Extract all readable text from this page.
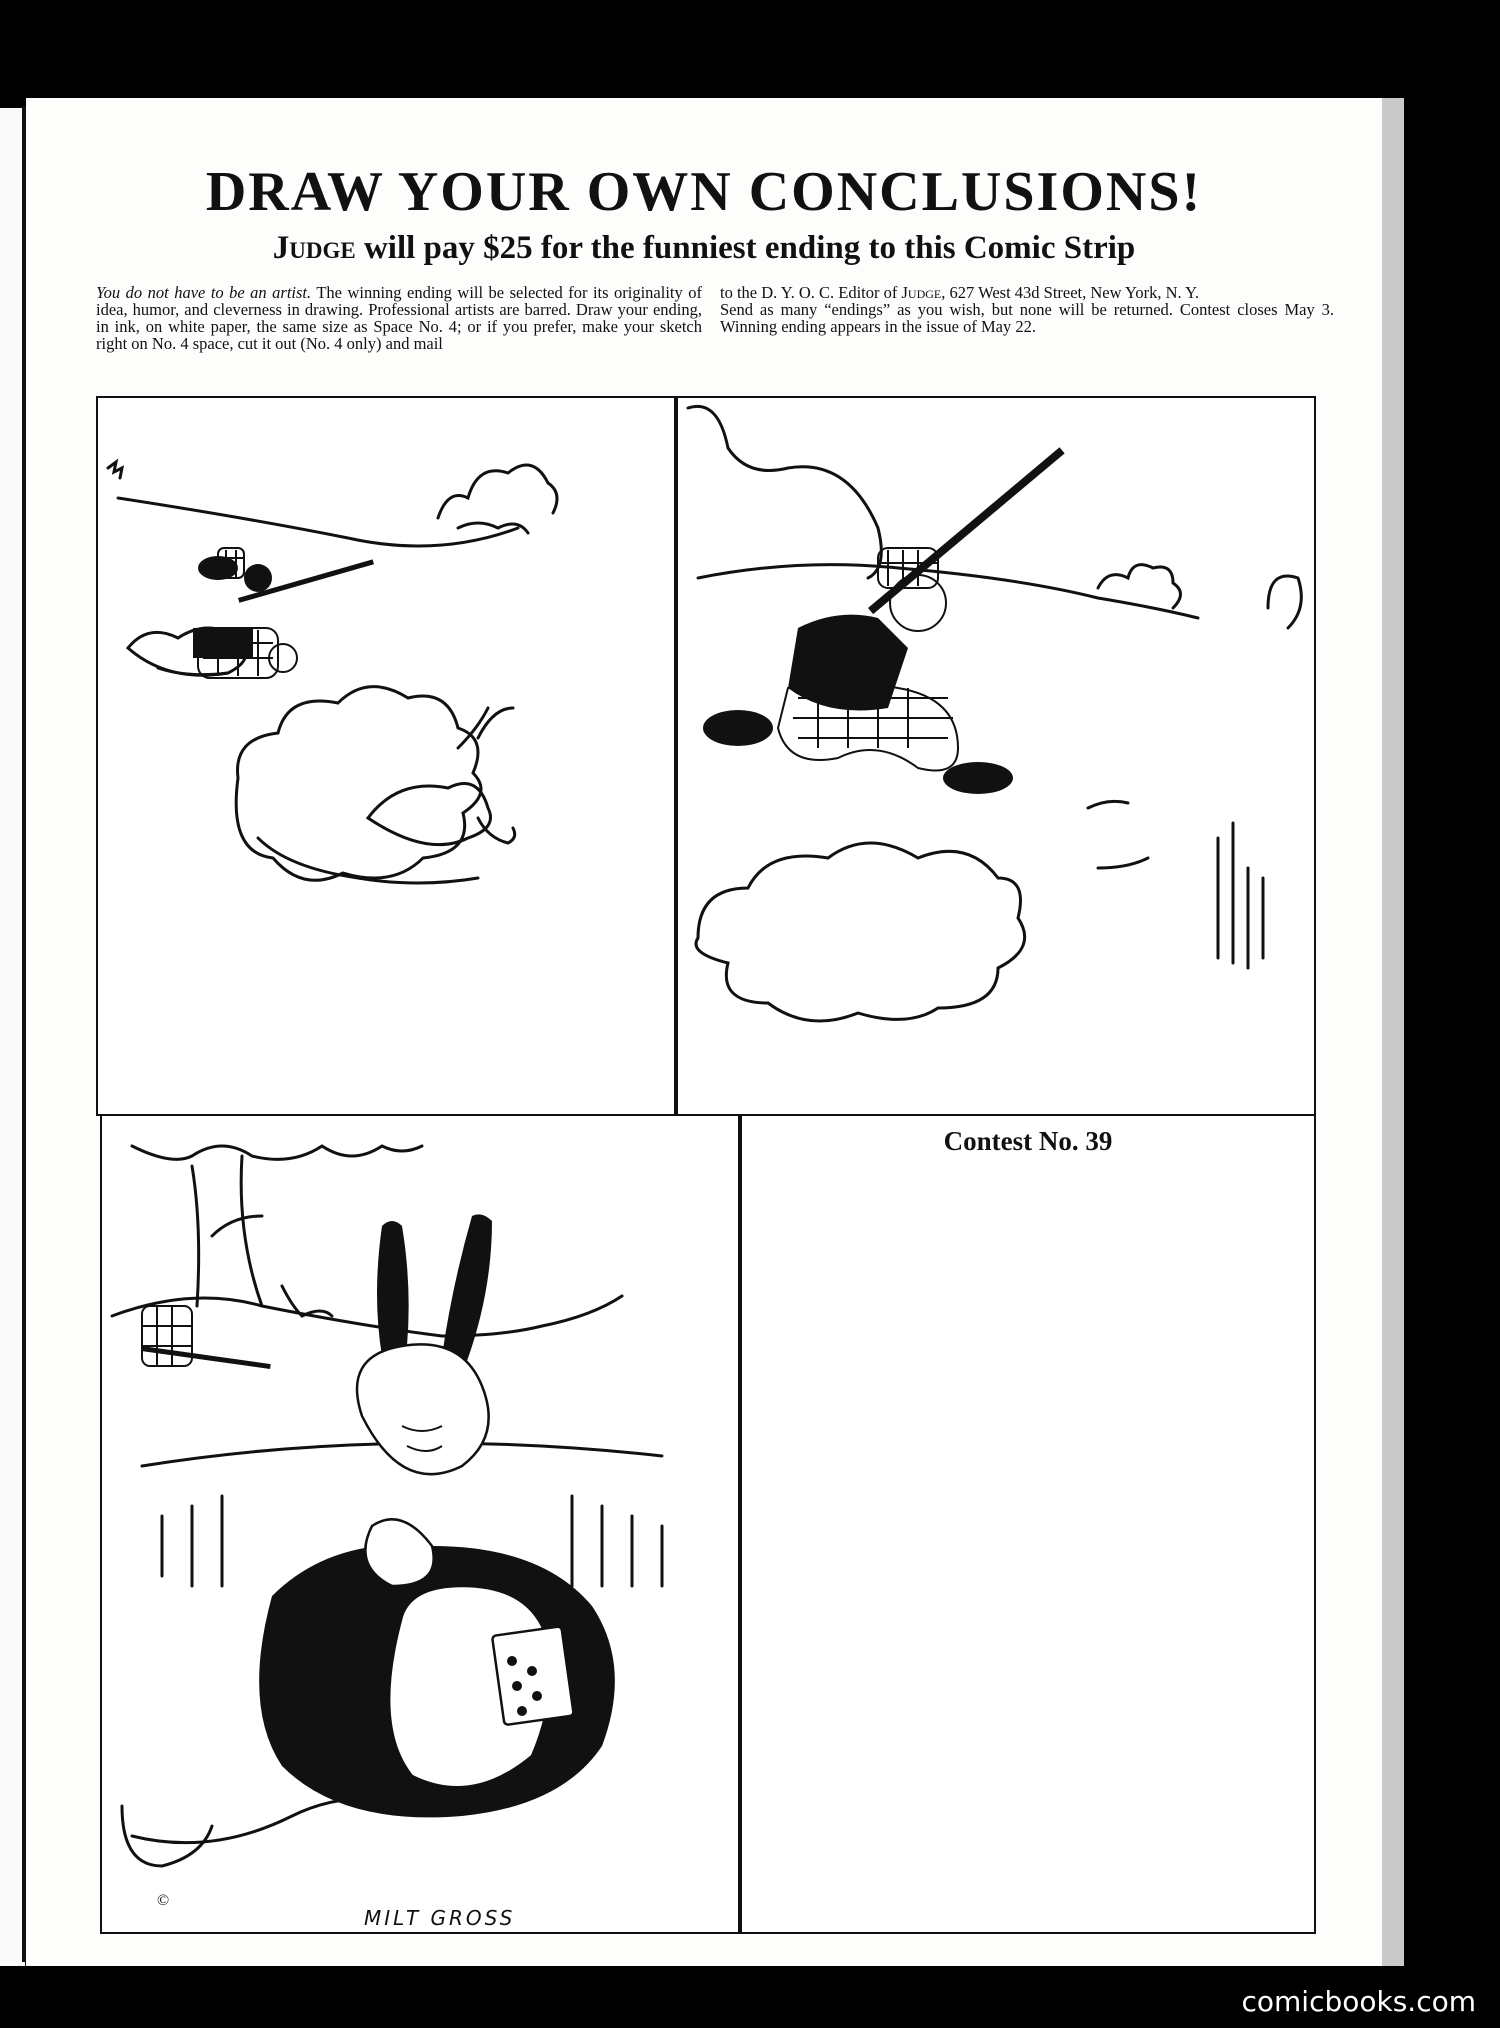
DRAW YOUR OWN CONCLUSIONS!
Judge will pay $25 for the funniest ending to this Comic Strip

You do not have to be an artist. The winning ending will be selected for its originality of idea, humor, and cleverness in drawing. Professional artists are barred. Draw your ending, in ink, on white paper, the same size as Space No. 4; or if you prefer, make your sketch right on No. 4 space, cut it out (No. 4 only) and mail

to the D. Y. O. C. Editor of Judge, 627 West 43d Street, New York, N. Y.

Send as many “endings” as you wish, but none will be returned. Contest closes May 3. Winning ending appears in the issue of May 22.

MILT GROSS
©
Contest No. 39
comicbooks.com
